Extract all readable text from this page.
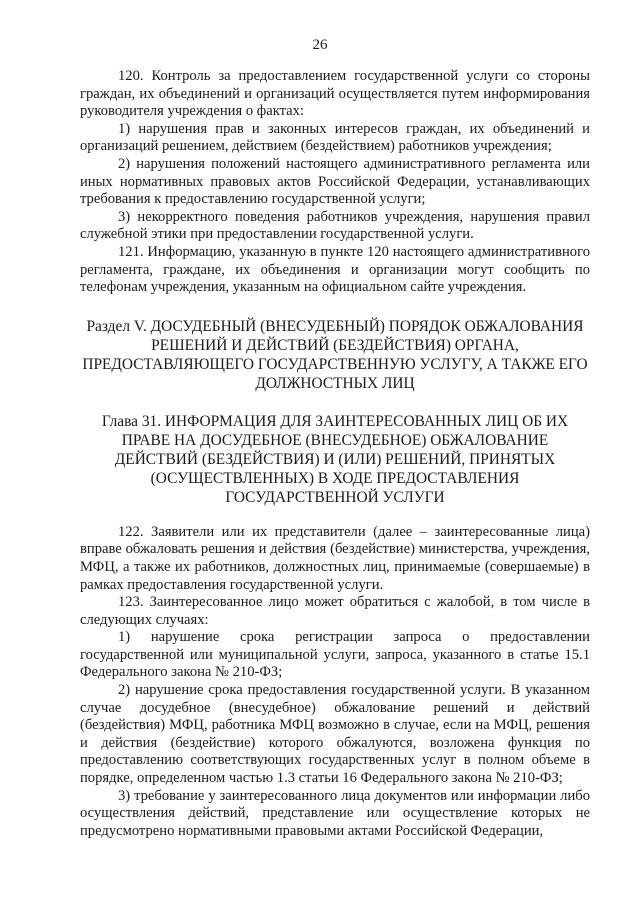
26

120. Контроль за предоставлением государственной услуги со стороны граждан, их объединений и организаций осуществляется путем информирования руководителя учреждения о фактах:

1) нарушения прав и законных интересов граждан, их объединений и организаций решением, действием (бездействием) работников учреждения;

2) нарушения положений настоящего административного регламента или иных нормативных правовых актов Российской Федерации, устанавливающих требования к предоставлению государственной услуги;

3) некорректного поведения работников учреждения, нарушения правил служебной этики при предоставлении государственной услуги.

121. Информацию, указанную в пункте 120 настоящего административного регламента, граждане, их объединения и организации могут сообщить по телефонам учреждения, указанным на официальном сайте учреждения.

Раздел V. ДОСУДЕБНЫЙ (ВНЕСУДЕБНЫЙ) ПОРЯДОК ОБЖАЛОВАНИЯ РЕШЕНИЙ И ДЕЙСТВИЙ (БЕЗДЕЙСТВИЯ) ОРГАНА, ПРЕДОСТАВЛЯЮЩЕГО ГОСУДАРСТВЕННУЮ УСЛУГУ, А ТАКЖЕ ЕГО ДОЛЖНОСТНЫХ ЛИЦ

Глава 31. ИНФОРМАЦИЯ ДЛЯ ЗАИНТЕРЕСОВАННЫХ ЛИЦ ОБ ИХ ПРАВЕ НА ДОСУДЕБНОЕ (ВНЕСУДЕБНОЕ) ОБЖАЛОВАНИЕ ДЕЙСТВИЙ (БЕЗДЕЙСТВИЯ) И (ИЛИ) РЕШЕНИЙ, ПРИНЯТЫХ (ОСУЩЕСТВЛЕННЫХ) В ХОДЕ ПРЕДОСТАВЛЕНИЯ ГОСУДАРСТВЕННОЙ УСЛУГИ

122. Заявители или их представители (далее – заинтересованные лица) вправе обжаловать решения и действия (бездействие) министерства, учреждения, МФЦ, а также их работников, должностных лиц, принимаемые (совершаемые) в рамках предоставления государственной услуги.

123. Заинтересованное лицо может обратиться с жалобой, в том числе в следующих случаях:

1) нарушение срока регистрации запроса о предоставлении государственной или муниципальной услуги, запроса, указанного в статье 15.1 Федерального закона № 210-ФЗ;

2) нарушение срока предоставления государственной услуги. В указанном случае досудебное (внесудебное) обжалование решений и действий (бездействия) МФЦ, работника МФЦ возможно в случае, если на МФЦ, решения и действия (бездействие) которого обжалуются, возложена функция по предоставлению соответствующих государственных услуг в полном объеме в порядке, определенном частью 1.3 статьи 16 Федерального закона № 210-ФЗ;

3) требование у заинтересованного лица документов или информации либо осуществления действий, представление или осуществление которых не предусмотрено нормативными правовыми актами Российской Федерации,
